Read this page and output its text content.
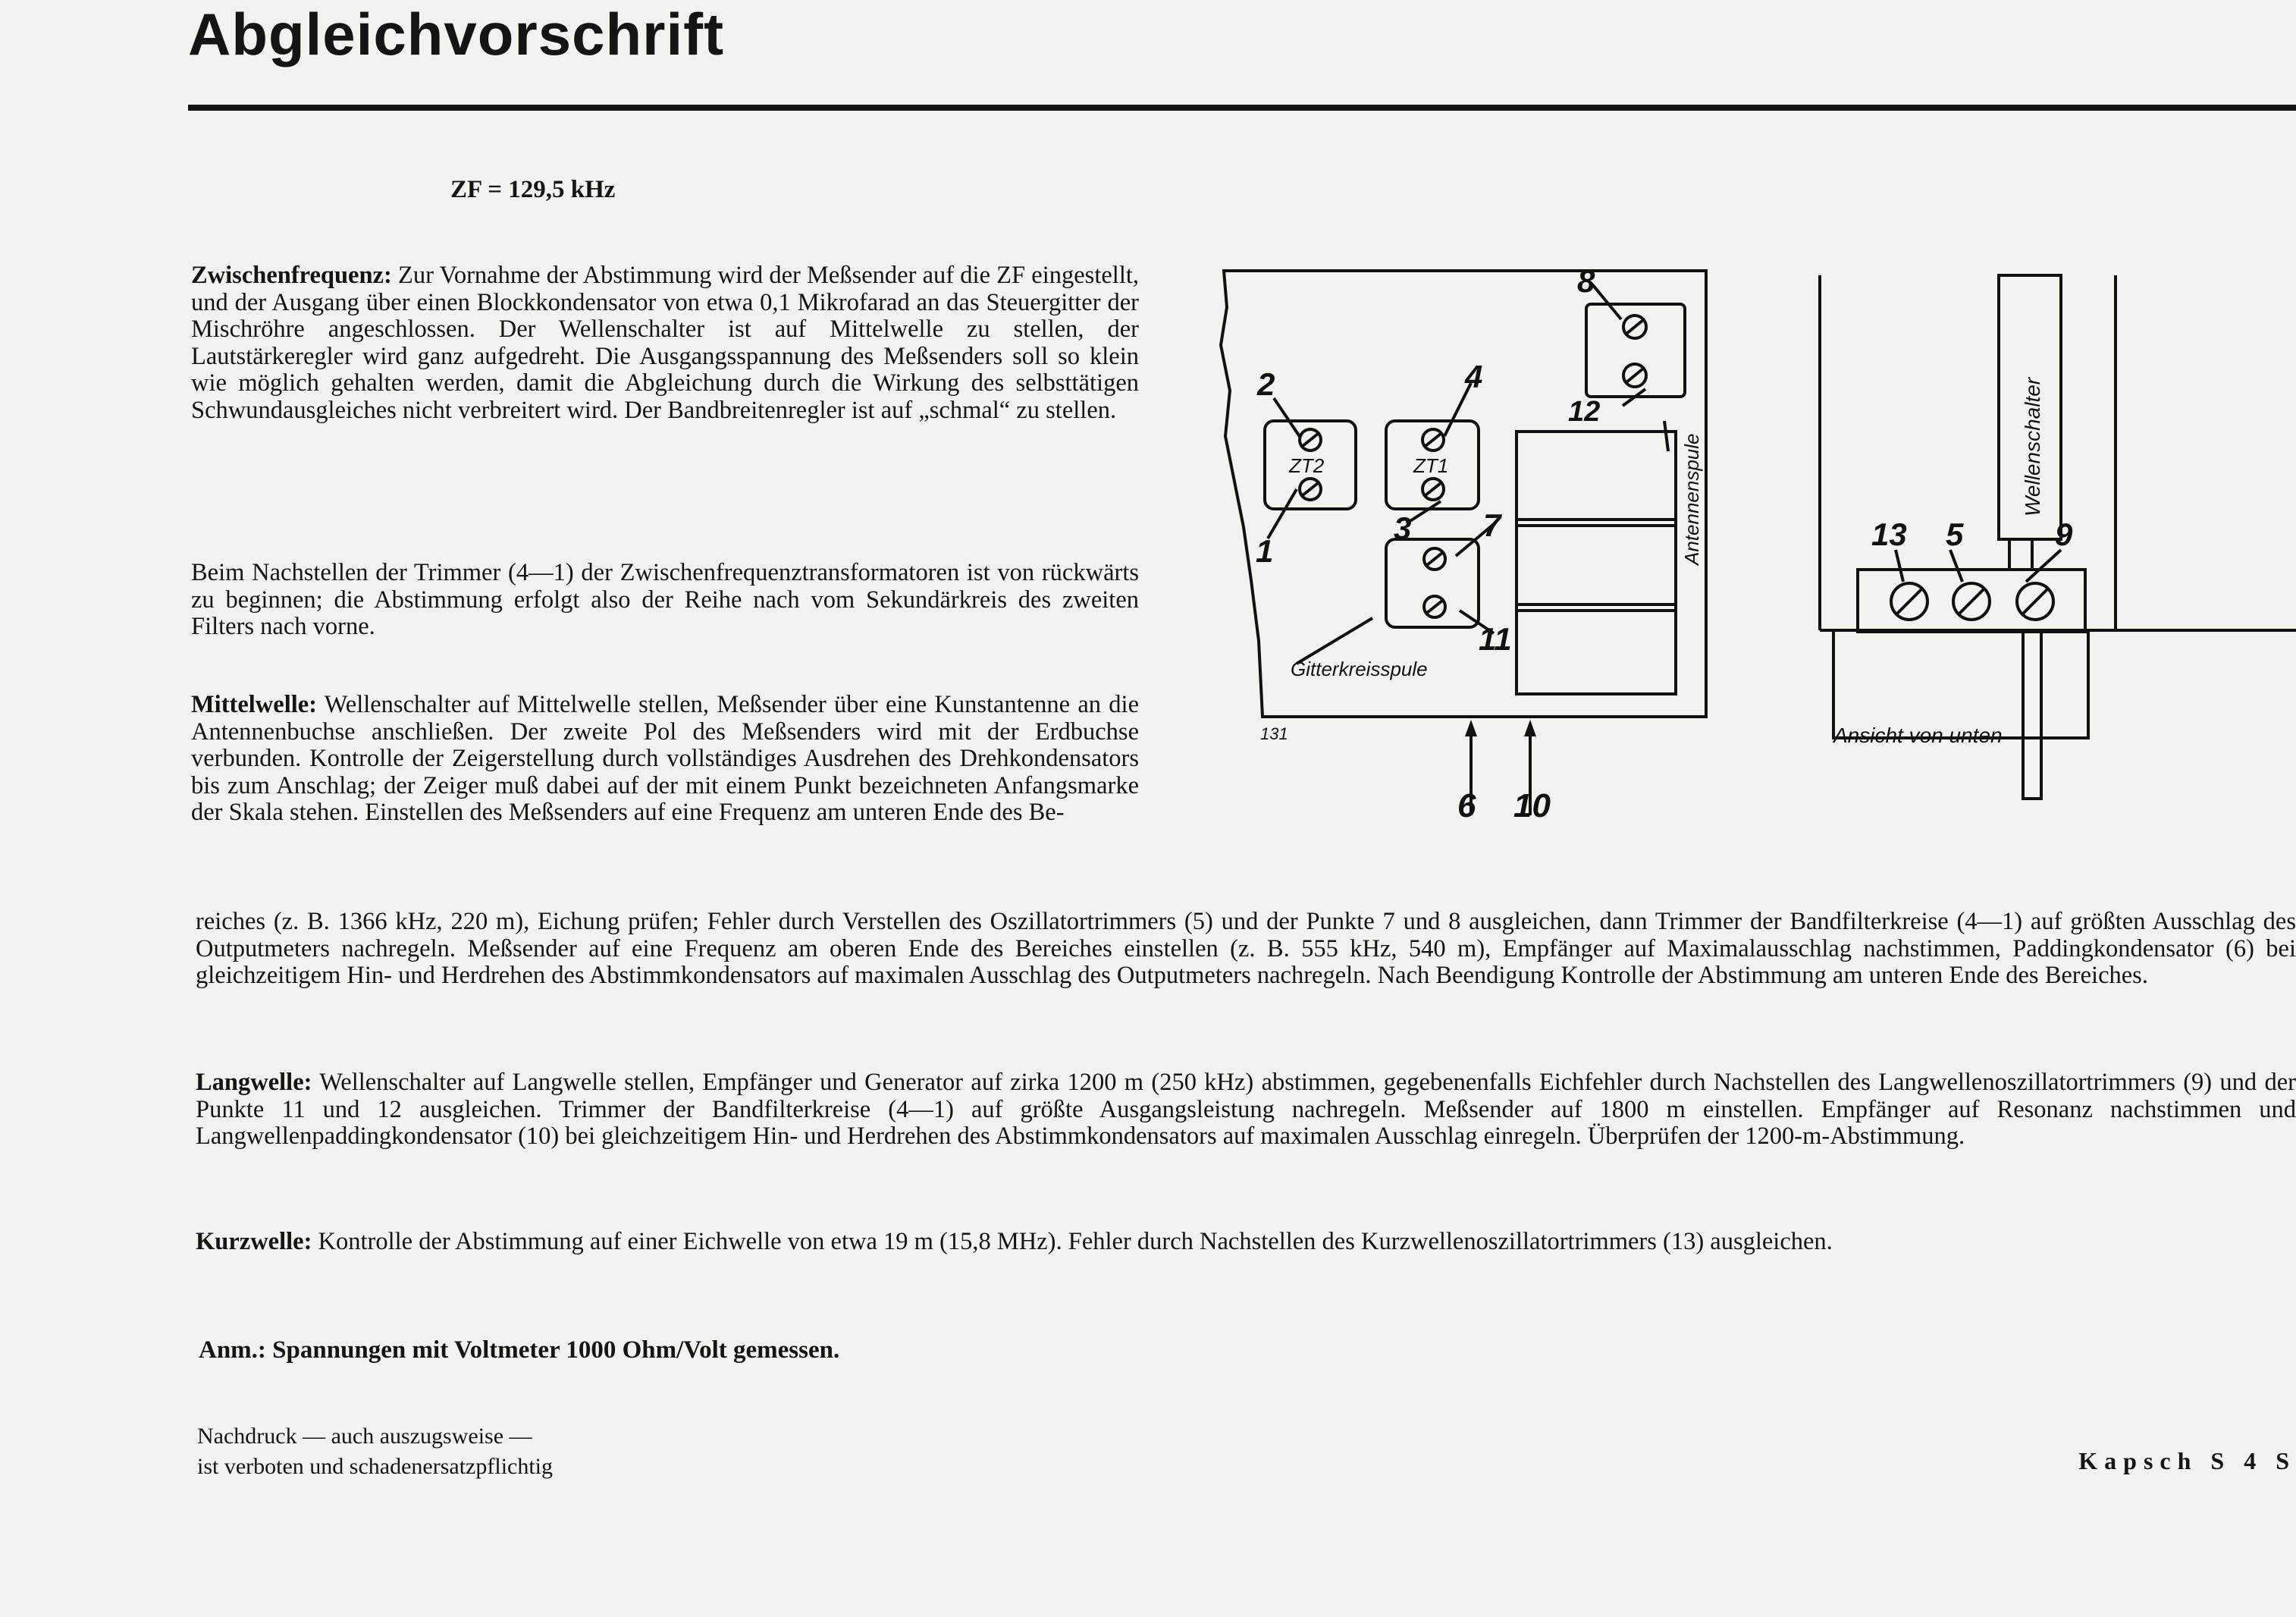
Abgleichvorschrift
ZF = 129,5 kHz

Zwischenfrequenz: Zur Vornahme der Abstimmung wird der Meßsender auf die ZF eingestellt, und der Ausgang über einen Blockkondensator von etwa 0,1 Mikrofarad an das Steuergitter der Mischröhre angeschlossen. Der Wellenschalter ist auf Mittelwelle zu stellen, der Lautstärkeregler wird ganz aufgedreht. Die Ausgangsspannung des Meßsenders soll so klein wie möglich gehalten werden, damit die Abgleichung durch die Wirkung des selbsttätigen Schwundausgleiches nicht verbreitert wird. Der Bandbreitenregler ist auf „schmal“ zu stellen.

Beim Nachstellen der Trimmer (4—1) der Zwischenfrequenztransformatoren ist von rückwärts zu beginnen; die Abstimmung erfolgt also der Reihe nach vom Sekundärkreis des zweiten Filters nach vorne.

Mittelwelle: Wellenschalter auf Mittelwelle stellen, Meßsender über eine Kunstantenne an die Antennenbuchse anschließen. Der zweite Pol des Meßsenders wird mit der Erdbuchse verbunden. Kontrolle der Zeigerstellung durch vollständiges Ausdrehen des Drehkondensators bis zum Anschlag; der Zeiger muß dabei auf der mit einem Punkt bezeichneten Anfangsmarke der Skala stehen. Einstellen des Meßsenders auf eine Frequenz am unteren Ende des Be-

reiches (z. B. 1366 kHz, 220 m), Eichung prüfen; Fehler durch Verstellen des Oszillatortrimmers (5) und der Punkte 7 und 8 ausgleichen, dann Trimmer der Bandfilterkreise (4—1) auf größten Ausschlag des Outputmeters nachregeln. Meßsender auf eine Frequenz am oberen Ende des Bereiches einstellen (z. B. 555 kHz, 540 m), Empfänger auf Maximalausschlag nachstimmen, Paddingkondensator (6) bei gleichzeitigem Hin- und Herdrehen des Abstimmkondensators auf maximalen Ausschlag des Outputmeters nachregeln. Nach Beendigung Kontrolle der Abstimmung am unteren Ende des Bereiches.

Langwelle: Wellenschalter auf Langwelle stellen, Empfänger und Generator auf zirka 1200 m (250 kHz) abstimmen, gegebenenfalls Eichfehler durch Nachstellen des Langwellenoszillatortrimmers (9) und der Punkte 11 und 12 ausgleichen. Trimmer der Bandfilterkreise (4—1) auf größte Ausgangsleistung nachregeln. Meßsender auf 1800 m einstellen. Empfänger auf Resonanz nachstimmen und Langwellenpaddingkondensator (10) bei gleichzeitigem Hin- und Herdrehen des Abstimmkondensators auf maximalen Ausschlag einregeln. Überprüfen der 1200-m-Abstimmung.

Kurzwelle: Kontrolle der Abstimmung auf einer Eichwelle von etwa 19 m (15,8 MHz). Fehler durch Nachstellen des Kurzwellenoszillatortrimmers (13) ausgleichen.

Anm.: Spannungen mit Voltmeter 1000 Ohm/Volt gemessen.

Nachdruck — auch auszugsweise —
ist verboten und schadenersatzpflichtig	Kapsch S 4 S

2
1
4
3 7
11
8
12
ZT2	ZT1
Gitterkreisspule
131
Antennenspule
6 10
Wellenschalter
13 5	9
Ansicht von unten
